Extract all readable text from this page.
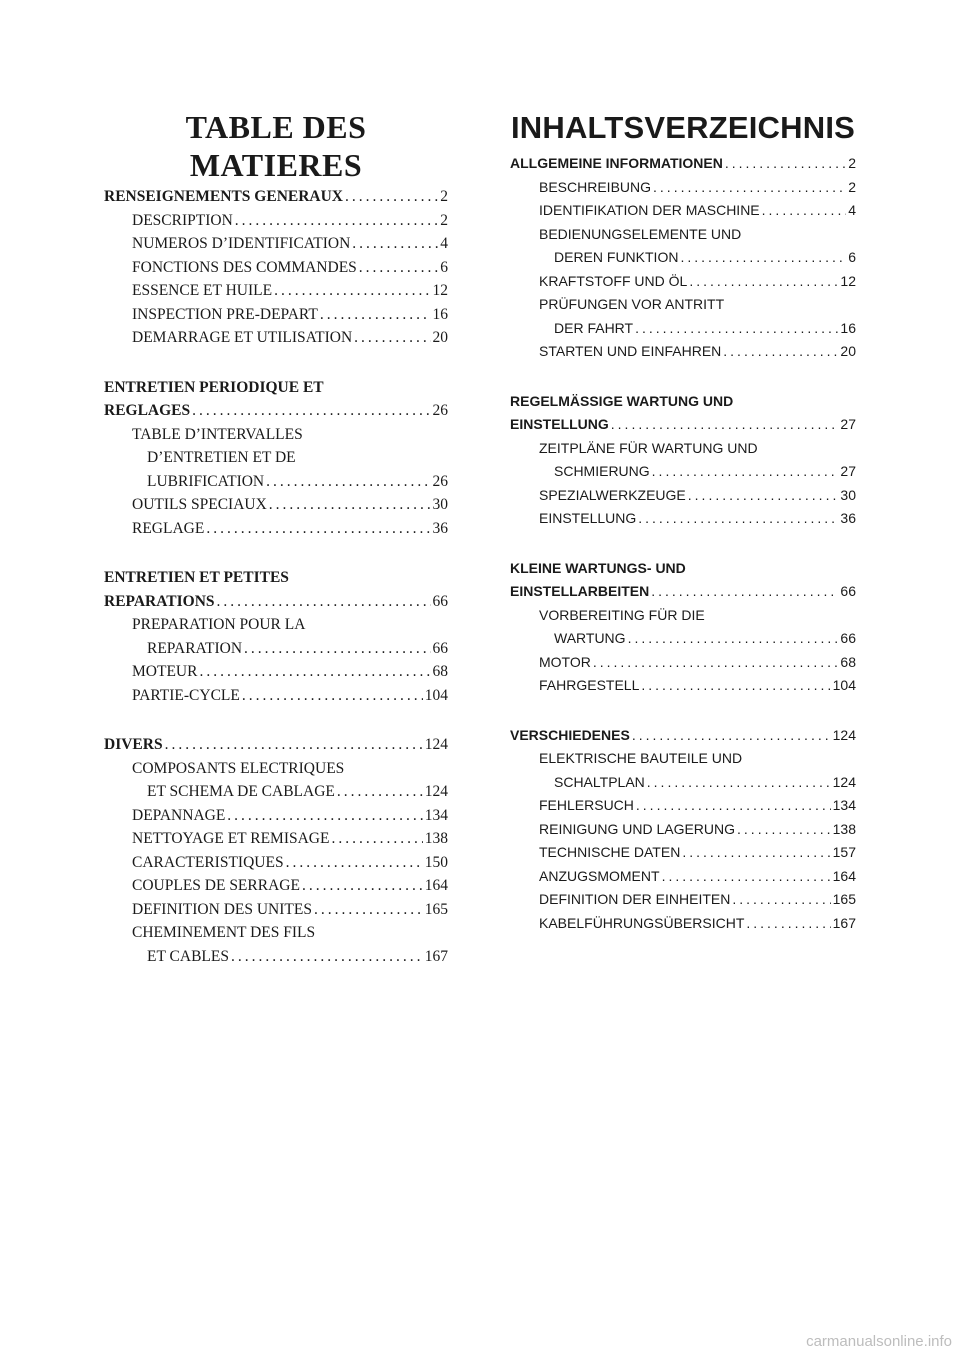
TABLE DES
MATIERES
RENSEIGNEMENTS GENERAUX .....	2
DESCRIPTION .....	2
NUMEROS D’IDENTIFICATION .....	4
FONCTIONS DES COMMANDES .....	6
ESSENCE ET HUILE .....	12
INSPECTION PRE-DEPART .....	16
DEMARRAGE ET UTILISATION .....	20
ENTRETIEN PERIODIQUE ET
REGLAGES .....	26
TABLE D’INTERVALLES
D’ENTRETIEN ET DE
LUBRIFICATION .....	26
OUTILS SPECIAUX .....	30
REGLAGE .....	36
ENTRETIEN ET PETITES
REPARATIONS .....	66
PREPARATION POUR LA
REPARATION .....	66
MOTEUR .....	68
PARTIE-CYCLE .....	104
DIVERS .....	124
COMPOSANTS ELECTRIQUES
ET SCHEMA DE CABLAGE .....	124
DEPANNAGE .....	134
NETTOYAGE ET REMISAGE .....	138
CARACTERISTIQUES .....	150
COUPLES DE SERRAGE .....	164
DEFINITION DES UNITES .....	165
CHEMINEMENT DES FILS
ET CABLES .....	167
INHALTSVERZEICHNIS
ALLGEMEINE INFORMATIONEN .....	2
BESCHREIBUNG .....	2
IDENTIFIKATION DER MASCHINE .....	4
BEDIENUNGSELEMENTE UND
DEREN FUNKTION .....	6
KRAFTSTOFF UND ÖL .....	12
PRÜFUNGEN VOR ANTRITT
DER FAHRT .....	16
STARTEN UND EINFAHREN .....	20
REGELMÄSSIGE WARTUNG UND
EINSTELLUNG .....	27
ZEITPLÄNE FÜR WARTUNG UND
SCHMIERUNG .....	27
SPEZIALWERKZEUGE .....	30
EINSTELLUNG .....	36
KLEINE WARTUNGS- UND
EINSTELLARBEITEN .....	66
VORBEREITING FÜR DIE
WARTUNG .....	66
MOTOR .....	68
FAHRGESTELL .....	104
VERSCHIEDENES .....	124
ELEKTRISCHE BAUTEILE UND
SCHALTPLAN .....	124
FEHLERSUCH .....	134
REINIGUNG UND LAGERUNG .....	138
TECHNISCHE DATEN .....	157
ANZUGSMOMENT .....	164
DEFINITION DER EINHEITEN .....	165
KABELFÜHRUNGSÜBERSICHT .....	167
carmanualsonline.info
